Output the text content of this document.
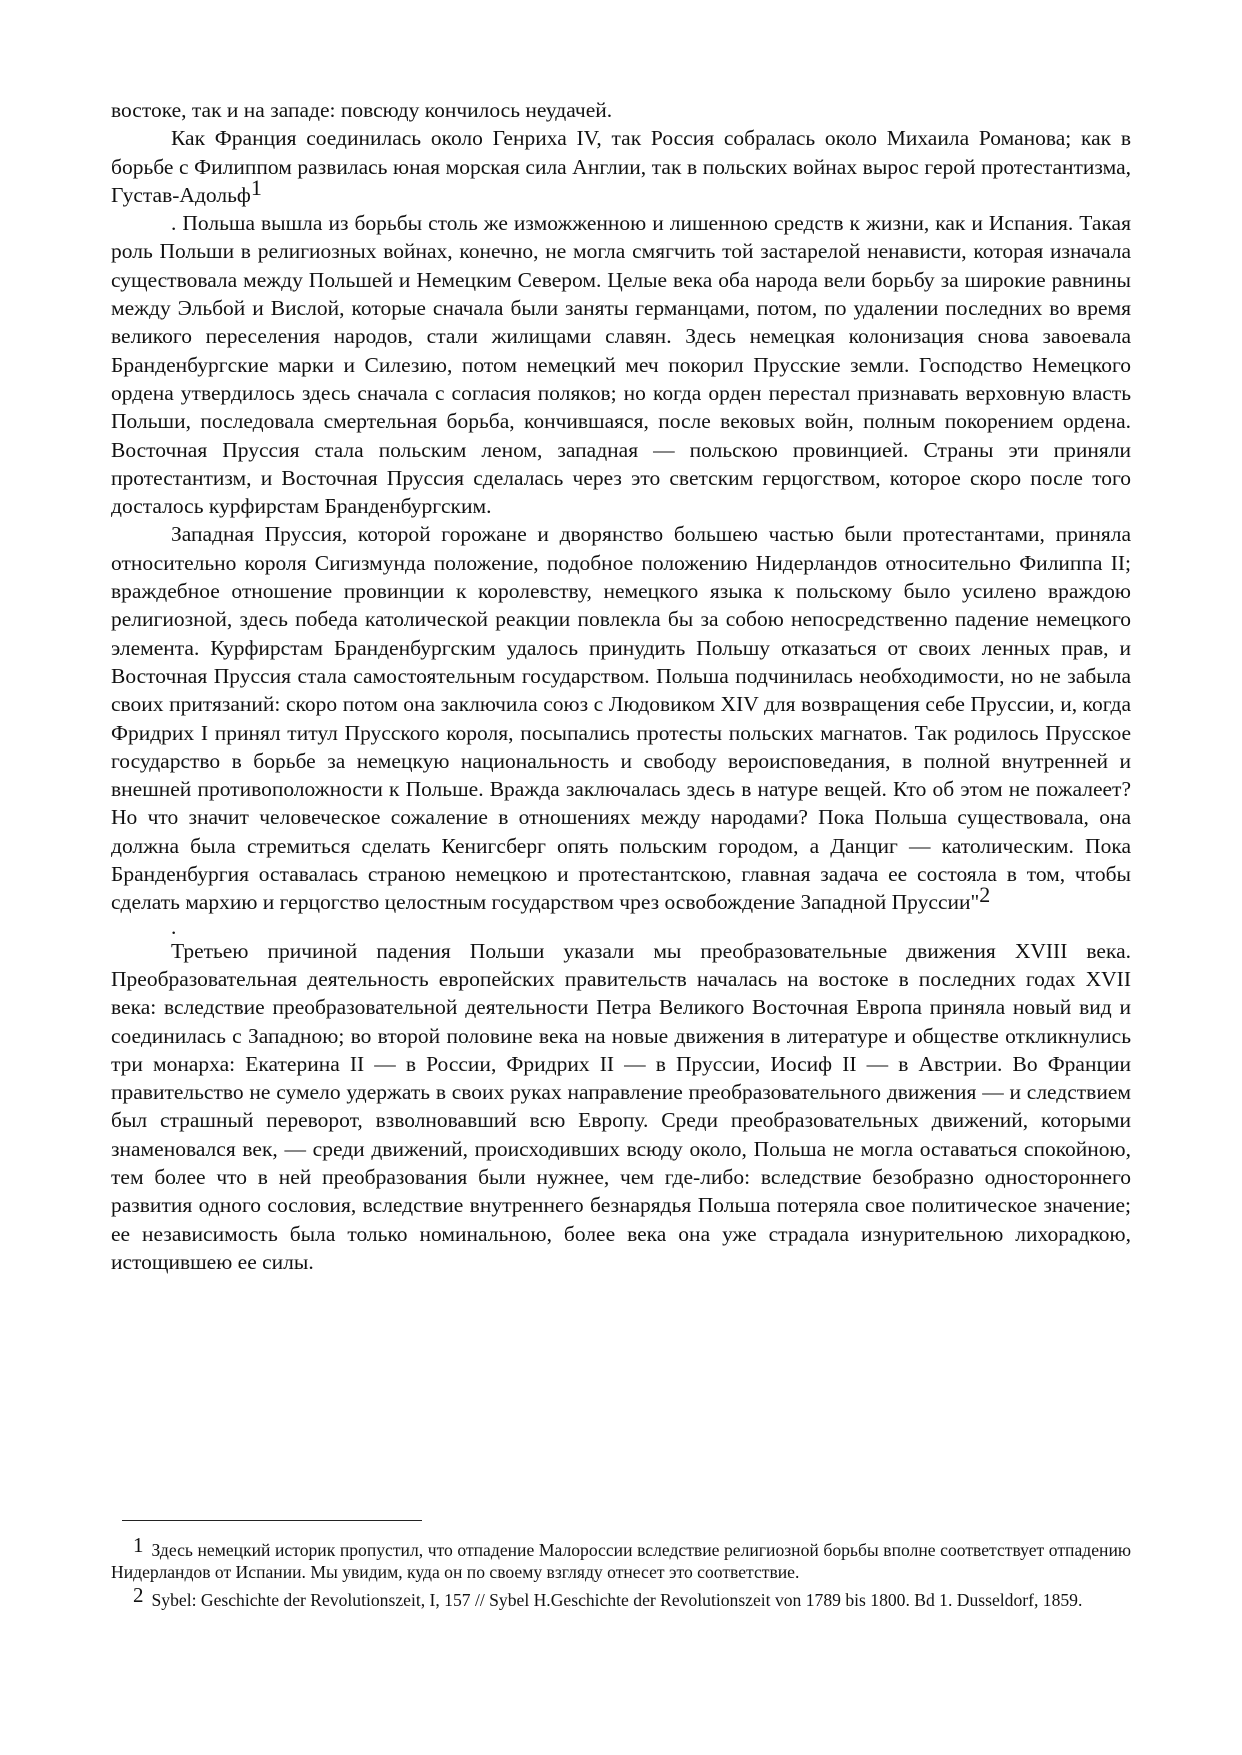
востоке, так и на западе: повсюду кончилось неудачей.

Как Франция соединилась около Генриха IV, так Россия собралась около Михаила Романова; как в борьбе с Филиппом развилась юная морская сила Англии, так в польских войнах вырос герой протестантизма, Густав-Адольф1

. Польша вышла из борьбы столь же изможженною и лишенною средств к жизни, как и Испания. Такая роль Польши в религиозных войнах, конечно, не могла смягчить той застарелой ненависти, которая изначала существовала между Польшей и Немецким Севером. Целые века оба народа вели борьбу за широкие равнины между Эльбой и Вислой, которые сначала были заняты германцами, потом, по удалении последних во время великого переселения народов, стали жилищами славян. Здесь немецкая колонизация снова завоевала Бранденбургские марки и Силезию, потом немецкий меч покорил Прусские земли. Господство Немецкого ордена утвердилось здесь сначала с согласия поляков; но когда орден перестал признавать верховную власть Польши, последовала смертельная борьба, кончившаяся, после вековых войн, полным покорением ордена. Восточная Пруссия стала польским леном, западная — польскою провинцией. Страны эти приняли протестантизм, и Восточная Пруссия сделалась через это светским герцогством, которое скоро после того досталось курфирстам Бранденбургским.

Западная Пруссия, которой горожане и дворянство большею частью были протестантами, приняла относительно короля Сигизмунда положение, подобное положению Нидерландов относительно Филиппа II; враждебное отношение провинции к королевству, немецкого языка к польскому было усилено враждою религиозной, здесь победа католической реакции повлекла бы за собою непосредственно падение немецкого элемента. Курфирстам Бранденбургским удалось принудить Польшу отказаться от своих ленных прав, и Восточная Пруссия стала самостоятельным государством. Польша подчинилась необходимости, но не забыла своих притязаний: скоро потом она заключила союз с Людовиком XIV для возвращения себе Пруссии, и, когда Фридрих I принял титул Прусского короля, посыпались протесты польских магнатов. Так родилось Прусское государство в борьбе за немецкую национальность и свободу вероисповедания, в полной внутренней и внешней противоположности к Польше. Вражда заключалась здесь в натуре вещей. Кто об этом не пожалеет? Но что значит человеческое сожаление в отношениях между народами? Пока Польша существовала, она должна была стремиться сделать Кенигсберг опять польским городом, а Данциг — католическим. Пока Бранденбургия оставалась страною немецкою и протестантскою, главная задача ее состояла в том, чтобы сделать мархию и герцогство целостным государством чрез освобождение Западной Пруссии"2

.

Третьею причиной падения Польши указали мы преобразовательные движения XVIII века. Преобразовательная деятельность европейских правительств началась на востоке в последних годах XVII века: вследствие преобразовательной деятельности Петра Великого Восточная Европа приняла новый вид и соединилась с Западною; во второй половине века на новые движения в литературе и обществе откликнулись три монарха: Екатерина II — в России, Фридрих II — в Пруссии, Иосиф II — в Австрии. Во Франции правительство не сумело удержать в своих руках направление преобразовательного движения — и следствием был страшный переворот, взволновавший всю Европу. Среди преобразовательных движений, которыми знаменовался век, — среди движений, происходивших всюду около, Польша не могла оставаться спокойною, тем более что в ней преобразования были нужнее, чем где-либо: вследствие безобразно одностороннего развития одного сословия, вследствие внутреннего безнарядья Польша потеряла свое политическое значение; ее независимость была только номинальною, более века она уже страдала изнурительною лихорадкою, истощившею ее силы.

1 Здесь немецкий историк пропустил, что отпадение Малороссии вследствие религиозной борьбы вполне соответствует отпадению Нидерландов от Испании. Мы увидим, куда он по своему взгляду отнесет это соответствие.

2 Sybel: Geschichte der Revolutionszeit, I, 157 // Sybel H.Geschichte der Revolutionszeit von 1789 bis 1800. Bd 1. Dusseldorf, 1859.
